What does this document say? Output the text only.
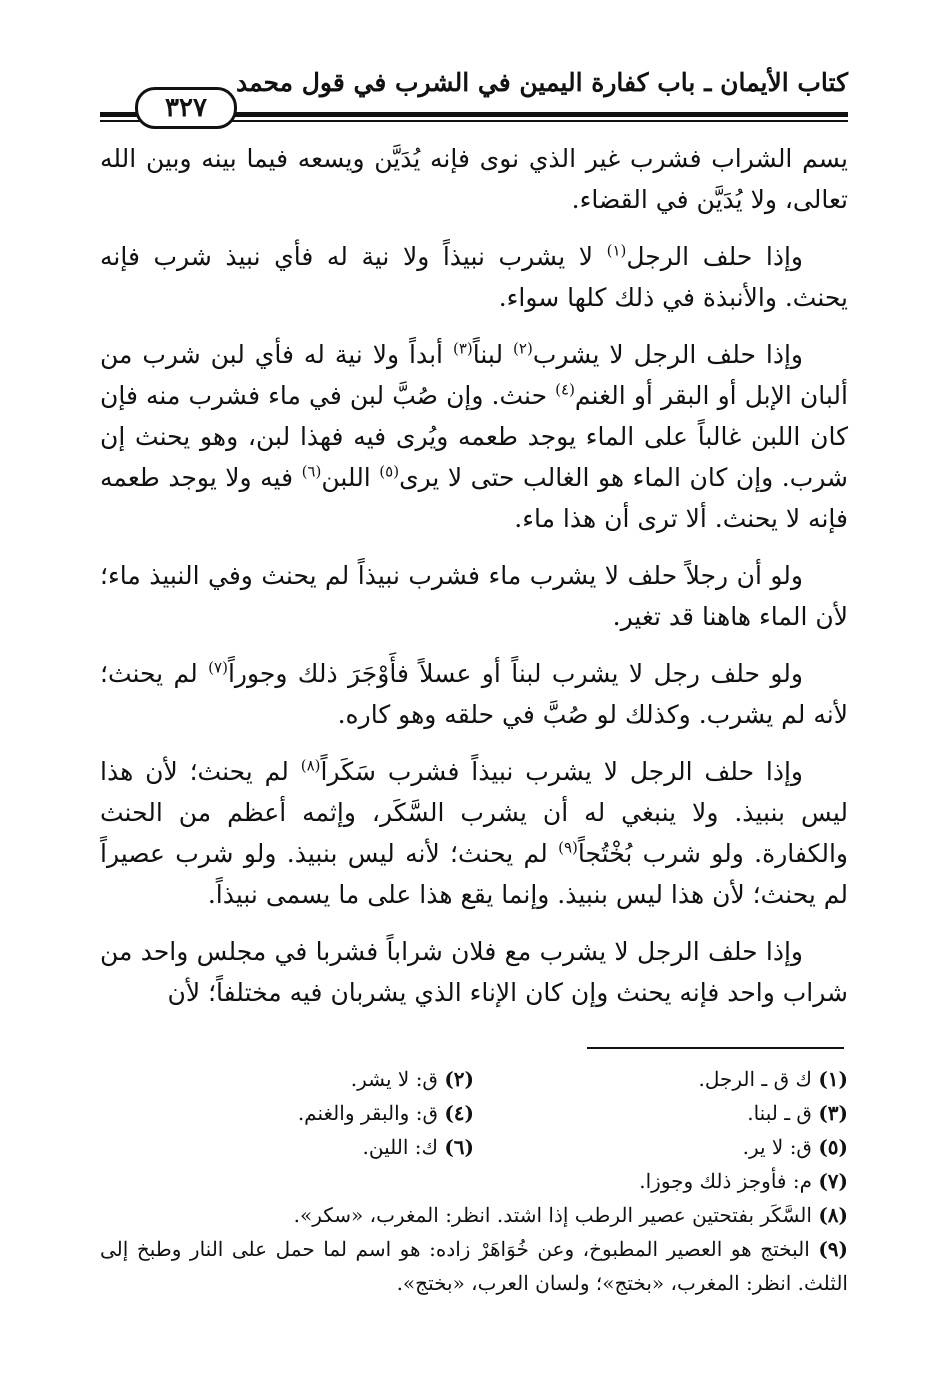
كتاب الأيمان ـ باب كفارة اليمين في الشرب في قول محمد
٣٢٧

يسم الشراب فشرب غير الذي نوى فإنه يُدَيَّن ويسعه فيما بينه وبين الله تعالى، ولا يُدَيَّن في القضاء.

وإذا حلف الرجل$^{(١)}$ لا يشرب نبيذاً ولا نية له فأي نبيذ شرب فإنه يحنث. والأنبذة في ذلك كلها سواء.

وإذا حلف الرجل لا يشرب$^{(٢)}$ لبناً$^{(٣)}$ أبداً ولا نية له فأي لبن شرب من ألبان الإبل أو البقر أو الغنم$^{(٤)}$ حنث. وإن صُبَّ لبن في ماء فشرب منه فإن كان اللبن غالباً على الماء يوجد طعمه ويُرى فيه فهذا لبن، وهو يحنث إن شرب. وإن كان الماء هو الغالب حتى لا يرى$^{(٥)}$ اللبن$^{(٦)}$ فيه ولا يوجد طعمه فإنه لا يحنث. ألا ترى أن هذا ماء.

ولو أن رجلاً حلف لا يشرب ماء فشرب نبيذاً لم يحنث وفي النبيذ ماء؛ لأن الماء هاهنا قد تغير.

ولو حلف رجل لا يشرب لبناً أو عسلاً فأَوْجَرَ ذلك وجوراً$^{(٧)}$ لم يحنث؛ لأنه لم يشرب. وكذلك لو صُبَّ في حلقه وهو كاره.

وإذا حلف الرجل لا يشرب نبيذاً فشرب سَكَراً$^{(٨)}$ لم يحنث؛ لأن هذا ليس بنبيذ. ولا ينبغي له أن يشرب السَّكَر، وإثمه أعظم من الحنث والكفارة. ولو شرب بُخْتُجاً$^{(٩)}$ لم يحنث؛ لأنه ليس بنبيذ. ولو شرب عصيراً لم يحنث؛ لأن هذا ليس بنبيذ. وإنما يقع هذا على ما يسمى نبيذاً.

وإذا حلف الرجل لا يشرب مع فلان شراباً فشربا في مجلس واحد من شراب واحد فإنه يحنث وإن كان الإناء الذي يشربان فيه مختلفاً؛ لأن

(١) ك ق ـ الرجل.
(٢) ق: لا يشر.
(٣) ق ـ لبنا.
(٤) ق: والبقر والغنم.
(٥) ق: لا ير.
(٦) ك: اللين.
(٧) م: فأوجز ذلك وجوزا.
(٨) السَّكَر بفتحتين عصير الرطب إذا اشتد. انظر: المغرب، «سكر».
(٩) البختج هو العصير المطبوخ، وعن خُوَاهَرْ زاده: هو اسم لما حمل على النار وطبخ إلى الثلث. انظر: المغرب، «بختج»؛ ولسان العرب، «بختج».
